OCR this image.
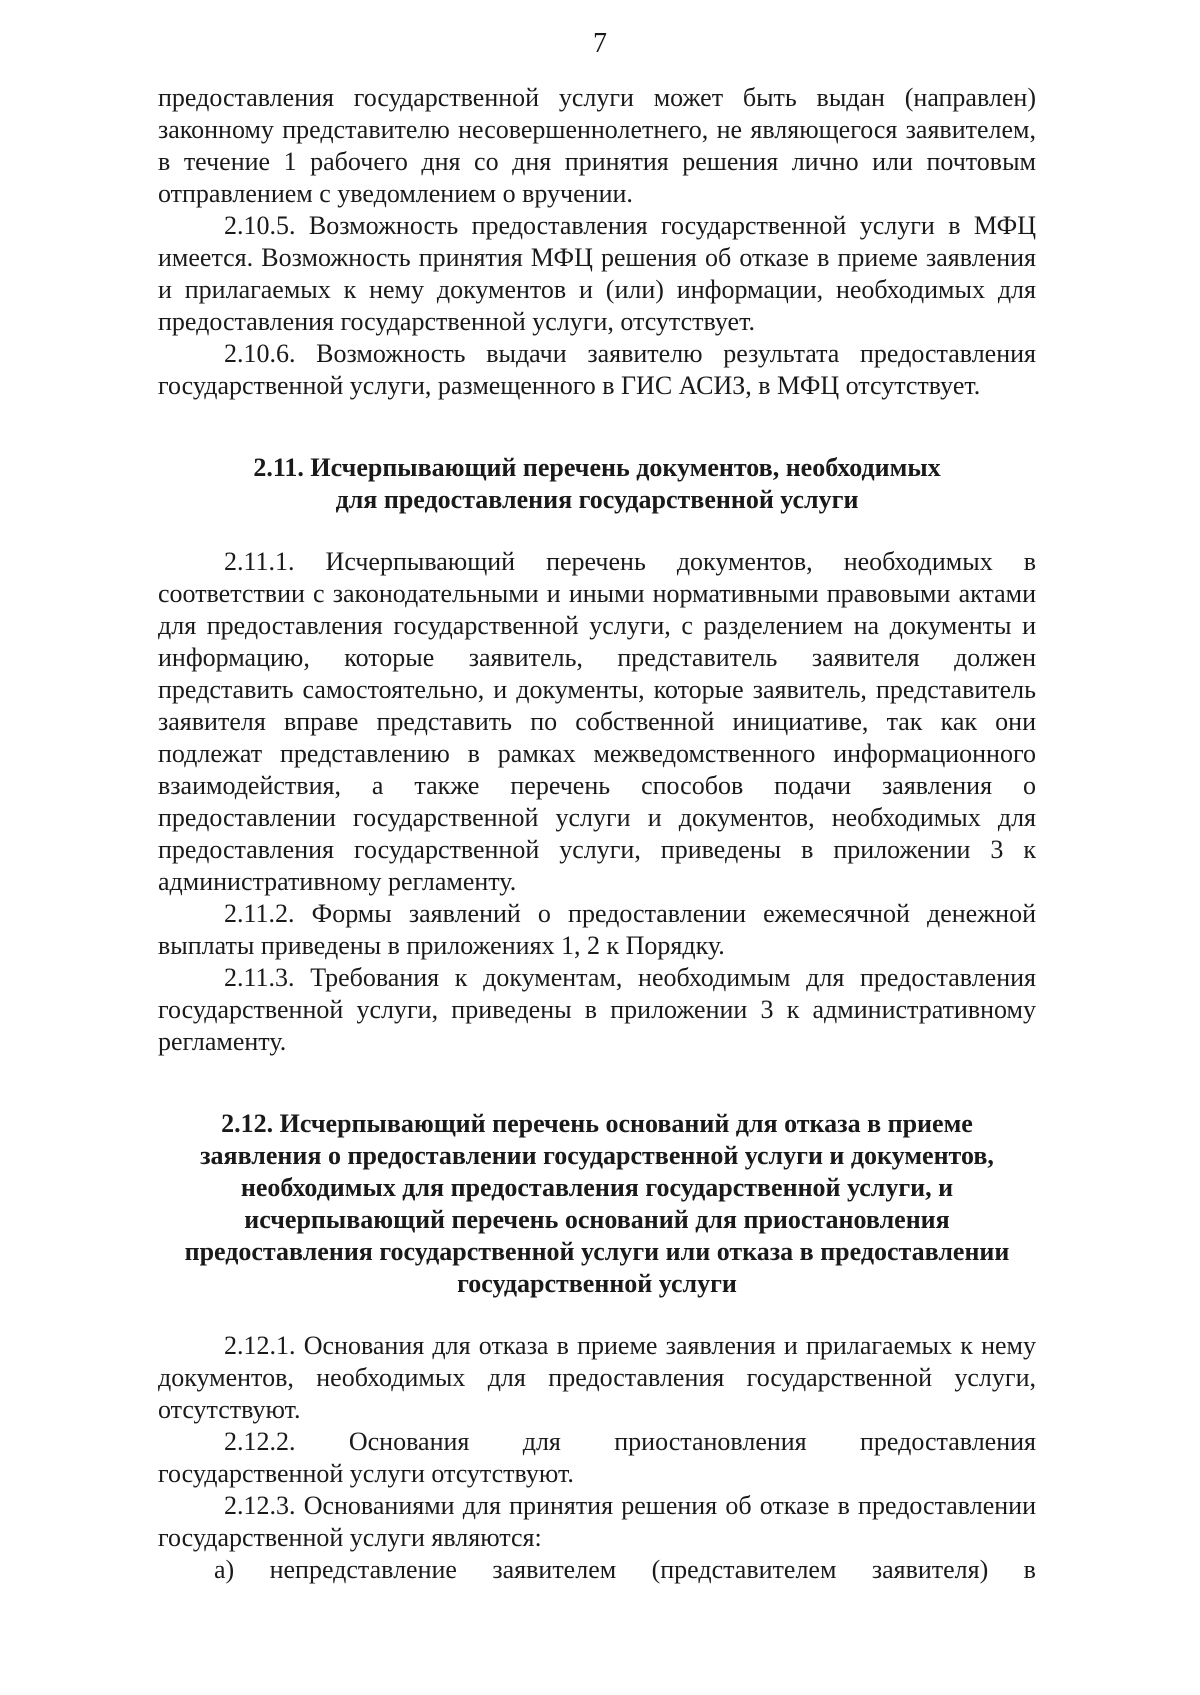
7

предоставления государственной услуги может быть выдан (направлен) законному представителю несовершеннолетнего, не являющегося заявителем, в течение 1 рабочего дня со дня принятия решения лично или почтовым отправлением с уведомлением о вручении.

2.10.5. Возможность предоставления государственной услуги в МФЦ имеется. Возможность принятия МФЦ решения об отказе в приеме заявления и прилагаемых к нему документов и (или) информации, необходимых для предоставления государственной услуги, отсутствует.

2.10.6. Возможность выдачи заявителю результата предоставления государственной услуги, размещенного в ГИС АСИЗ, в МФЦ отсутствует.

2.11. Исчерпывающий перечень документов, необходимых

для предоставления государственной услуги

2.11.1. Исчерпывающий перечень документов, необходимых в соответствии с законодательными и иными нормативными правовыми актами для предоставления государственной услуги, с разделением на документы и информацию, которые заявитель, представитель заявителя должен представить самостоятельно, и документы, которые заявитель, представитель заявителя вправе представить по собственной инициативе, так как они подлежат представлению в рамках межведомственного информационного взаимодействия, а также перечень способов подачи заявления о предоставлении государственной услуги и документов, необходимых для предоставления государственной услуги, приведены в приложении 3 к административному регламенту.

2.11.2. Формы заявлений о предоставлении ежемесячной денежной выплаты приведены в приложениях 1, 2 к Порядку.

2.11.3. Требования к документам, необходимым для предоставления государственной услуги, приведены в приложении 3 к административному регламенту.

2.12. Исчерпывающий перечень оснований для отказа в приеме

заявления о предоставлении государственной услуги и документов,

необходимых для предоставления государственной услуги, и

исчерпывающий перечень оснований для приостановления

предоставления государственной услуги или отказа в предоставлении

государственной услуги

2.12.1. Основания для отказа в приеме заявления и прилагаемых к нему документов, необходимых для предоставления государственной услуги, отсутствуют.

2.12.2. Основания для приостановления предоставления государственной услуги отсутствуют.

2.12.3. Основаниями для принятия решения об отказе в предоставлении государственной услуги являются:

а) непредставление заявителем (представителем заявителя) в
